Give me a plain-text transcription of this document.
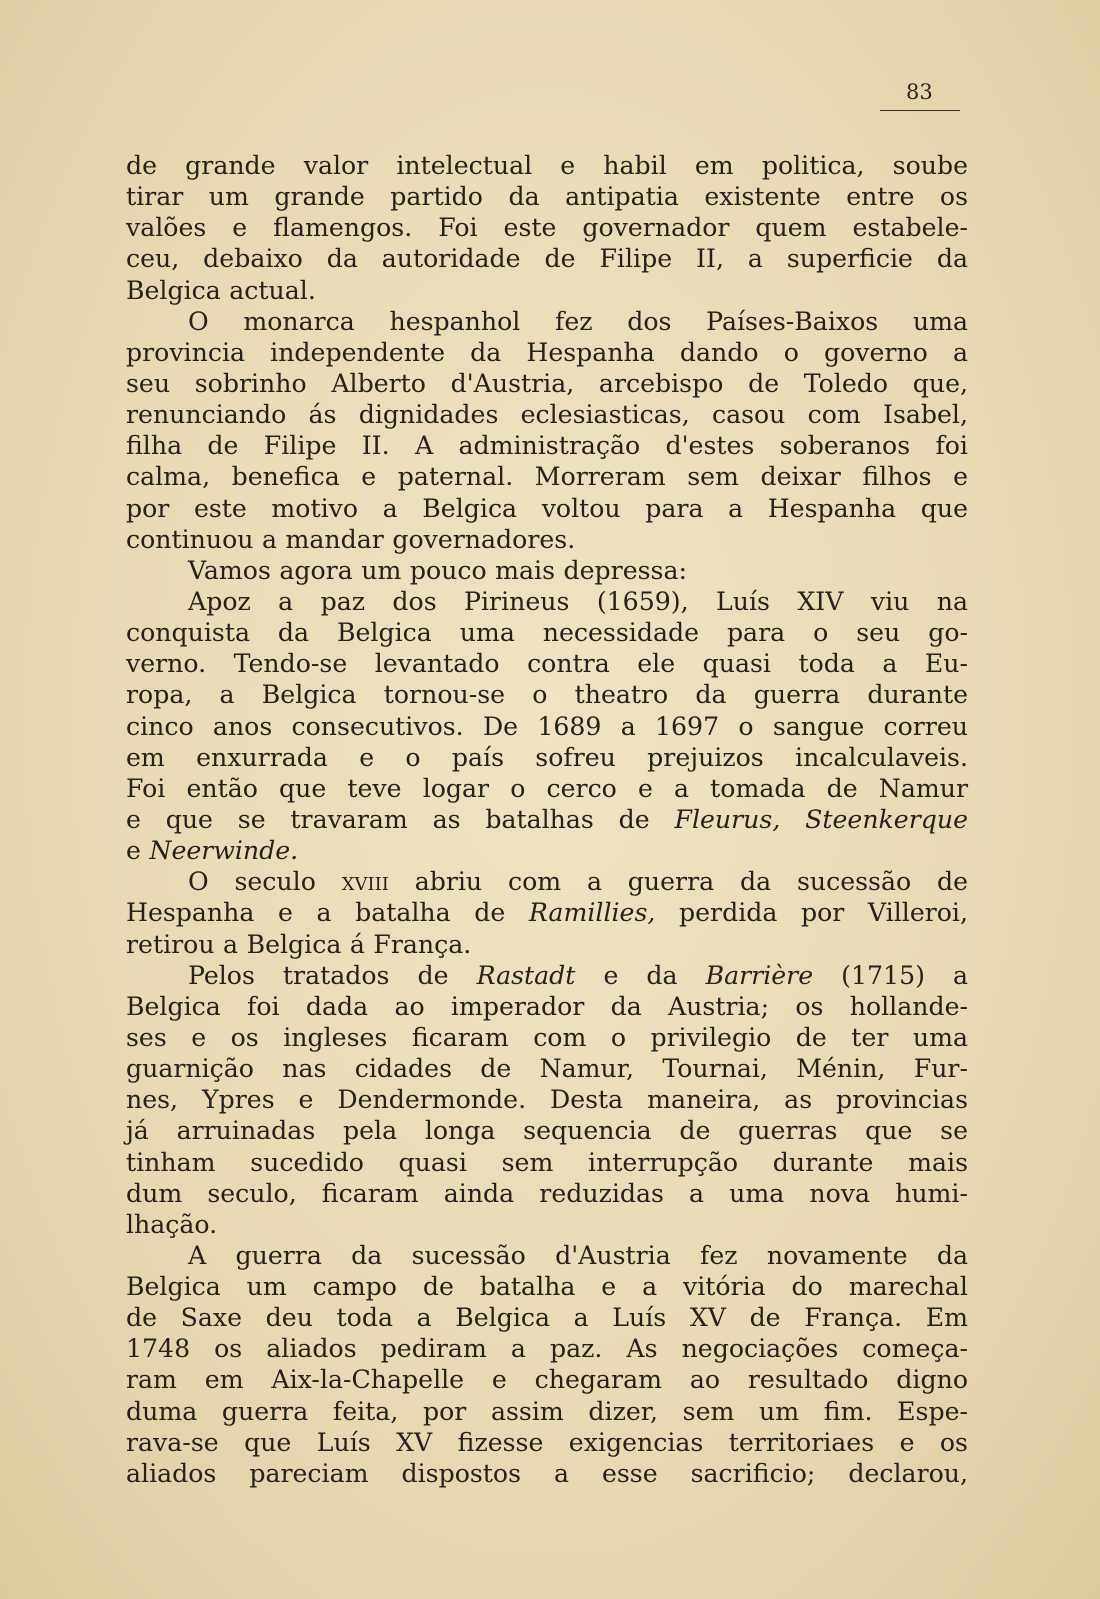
83
de grande valor intelectual e habil em politica, soube
tirar um grande partido da antipatia existente entre os
valões e flamengos. Foi este governador quem estabele-
ceu, debaixo da autoridade de Filipe II, a superficie da
Belgica actual.
O monarca hespanhol fez dos Países-Baixos uma
provincia independente da Hespanha dando o governo a
seu sobrinho Alberto d'Austria, arcebispo de Toledo que,
renunciando ás dignidades eclesiasticas, casou com Isabel,
filha de Filipe II. A administração d'estes soberanos foi
calma, benefica e paternal. Morreram sem deixar filhos e
por este motivo a Belgica voltou para a Hespanha que
continuou a mandar governadores.
Vamos agora um pouco mais depressa:
Apoz a paz dos Pirineus (1659), Luís XIV viu na
conquista da Belgica uma necessidade para o seu go-
verno. Tendo-se levantado contra ele quasi toda a Eu-
ropa, a Belgica tornou-se o theatro da guerra durante
cinco anos consecutivos. De 1689 a 1697 o sangue correu
em enxurrada e o país sofreu prejuizos incalculaveis.
Foi então que teve logar o cerco e a tomada de Namur
e que se travaram as batalhas de Fleurus, Steenkerque
e Neerwinde.
O seculo xviii abriu com a guerra da sucessão de
Hespanha e a batalha de Ramillies, perdida por Villeroi,
retirou a Belgica á França.
Pelos tratados de Rastadt e da Barrière (1715) a
Belgica foi dada ao imperador da Austria; os hollande-
ses e os ingleses ficaram com o privilegio de ter uma
guarnição nas cidades de Namur, Tournai, Ménin, Fur-
nes, Ypres e Dendermonde. Desta maneira, as provincias
já arruinadas pela longa sequencia de guerras que se
tinham sucedido quasi sem interrupção durante mais
dum seculo, ficaram ainda reduzidas a uma nova humi-
lhação.
A guerra da sucessão d'Austria fez novamente da
Belgica um campo de batalha e a vitória do marechal
de Saxe deu toda a Belgica a Luís XV de França. Em
1748 os aliados pediram a paz. As negociações começa-
ram em Aix-la-Chapelle e chegaram ao resultado digno
duma guerra feita, por assim dizer, sem um fim. Espe-
rava-se que Luís XV fizesse exigencias territoriaes e os
aliados pareciam dispostos a esse sacrificio; declarou,
